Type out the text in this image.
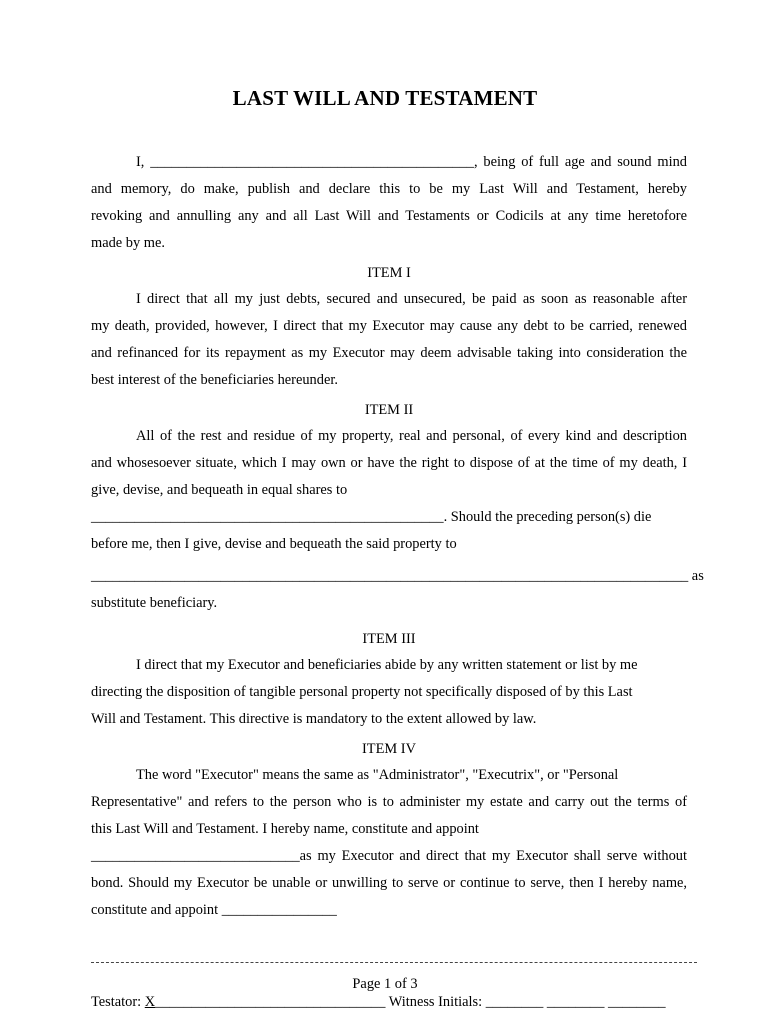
LAST WILL AND TESTAMENT
I, _____________________________________________, being of full age and sound mind
and memory, do make, publish and declare this to be my Last Will and Testament, hereby
revoking and annulling any and all Last Will and Testaments or Codicils at any time heretofore
made by me.
ITEM I
I direct that all my just debts, secured and unsecured, be paid as soon as reasonable after
my death, provided, however, I direct that my Executor may cause any debt to be carried, renewed
and refinanced for its repayment as my Executor may deem advisable taking into consideration the
best interest of the beneficiaries hereunder.
ITEM II
All of the rest and residue of my property, real and personal, of every kind and description
and whosesoever situate, which I may own or have the right to dispose of at the time of my death, I
give, devise, and bequeath in equal shares to
_________________________________________________. Should the preceding person(s) die
before me, then I give, devise and bequeath the said property to
___________________________________________________________________________________ as
substitute beneficiary.
ITEM III
I direct that my Executor and beneficiaries abide by any written statement or list by me
directing the disposition of tangible personal property not specifically disposed of by this Last
Will and Testament. This directive is mandatory to the extent allowed by law.
ITEM IV
The word "Executor" means the same as "Administrator", "Executrix", or "Personal
Representative" and refers to the person who is to administer my estate and carry out the terms of
this Last Will and Testament. I hereby name, constitute and appoint
_____________________________as my Executor and direct that my Executor shall serve without
bond. Should my Executor be unable or unwilling to serve or continue to serve, then I hereby name,
constitute and appoint ________________
Page 1 of 3
Testator: X________________________________ Witness Initials: ________ ________ ________
